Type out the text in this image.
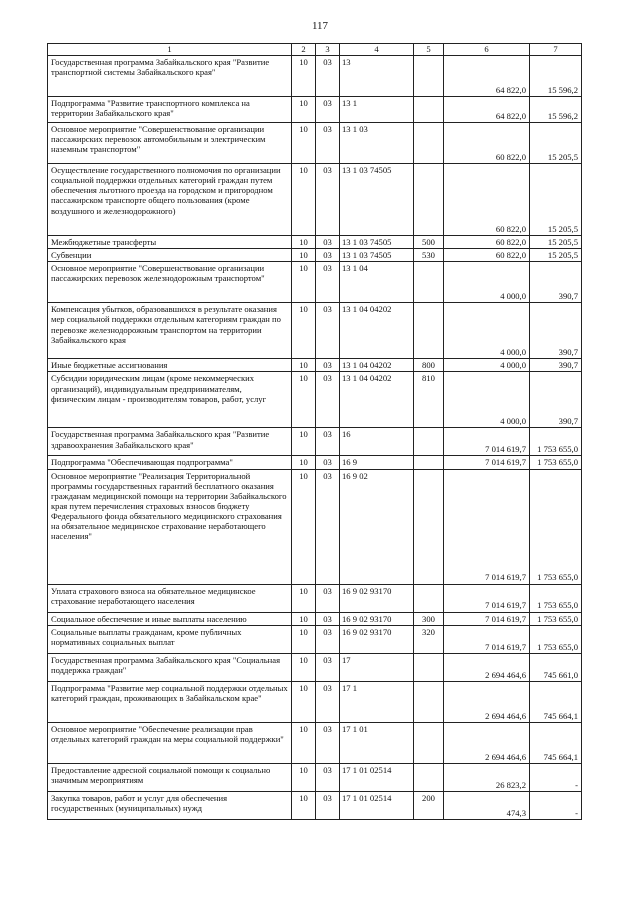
117
1	2	3	4	5	6	7
Государственная программа Забайкальского края "Развитие транспортной системы Забайкальского края"	10	03	13		64 822,0	15 596,2
Подпрограмма "Развитие транспортного комплекса на территории Забайкальского края"	10	03	13 1		64 822,0	15 596,2
Основное мероприятие "Совершенствование организации пассажирских перевозок автомобильным и электрическим наземным транспортом"	10	03	13 1 03		60 822,0	15 205,5
Осуществление государственного полномочия по организации социальной поддержки отдельных категорий граждан путем обеспечения льготного проезда на городском и пригородном пассажирском транспорте общего пользования (кроме воздушного и железнодорожного)	10	03	13 1 03 74505		60 822,0	15 205,5
Межбюджетные трансферты	10	03	13 1 03 74505	500	60 822,0	15 205,5
Субвенции	10	03	13 1 03 74505	530	60 822,0	15 205,5
Основное мероприятие "Совершенствование организации пассажирских перевозок железнодорожным транспортом"	10	03	13 1 04		4 000,0	390,7
Компенсация убытков, образовавшихся в результате оказания мер социальной поддержки отдельным категориям граждан по перевозке железнодорожным транспортом на территории Забайкальского края	10	03	13 1 04 04202		4 000,0	390,7
Иные бюджетные ассигнования	10	03	13 1 04 04202	800	4 000,0	390,7
Субсидии юридическим лицам (кроме некоммерческих организаций), индивидуальным предпринимателям, физическим лицам - производителям товаров, работ, услуг	10	03	13 1 04 04202	810	4 000,0	390,7
Государственная программа Забайкальского края "Развитие здравоохранения Забайкальского края"	10	03	16		7 014 619,7	1 753 655,0
Подпрограмма "Обеспечивающая подпрограмма"	10	03	16 9		7 014 619,7	1 753 655,0
Основное мероприятие "Реализация Территориальной программы государственных гарантий бесплатного оказания гражданам медицинской помощи на территории Забайкальского края путем перечисления страховых взносов бюджету Федерального фонда обязательного медицинского страхования на обязательное медицинское страхование неработающего населения"	10	03	16 9 02		7 014 619,7	1 753 655,0
Уплата страхового взноса на обязательное медицинское страхование неработающего населения	10	03	16 9 02 93170		7 014 619,7	1 753 655,0
Социальное обеспечение и иные выплаты населению	10	03	16 9 02 93170	300	7 014 619,7	1 753 655,0
Социальные выплаты гражданам, кроме публичных нормативных социальных выплат	10	03	16 9 02 93170	320	7 014 619,7	1 753 655,0
Государственная программа Забайкальского края "Социальная поддержка граждан"	10	03	17		2 694 464,6	745 661,0
Подпрограмма "Развитие мер социальной поддержки отдельных категорий граждан, проживающих в Забайкальском крае"	10	03	17 1		2 694 464,6	745 664,1
Основное мероприятие "Обеспечение реализации прав отдельных категорий граждан на меры социальной поддержки"	10	03	17 1 01		2 694 464,6	745 664,1
Предоставление адресной социальной помощи к социально значимым мероприятиям	10	03	17 1 01 02514		26 823,2	-
Закупка товаров, работ и услуг для обеспечения государственных (муниципальных) нужд	10	03	17 1 01 02514	200	474,3	-
